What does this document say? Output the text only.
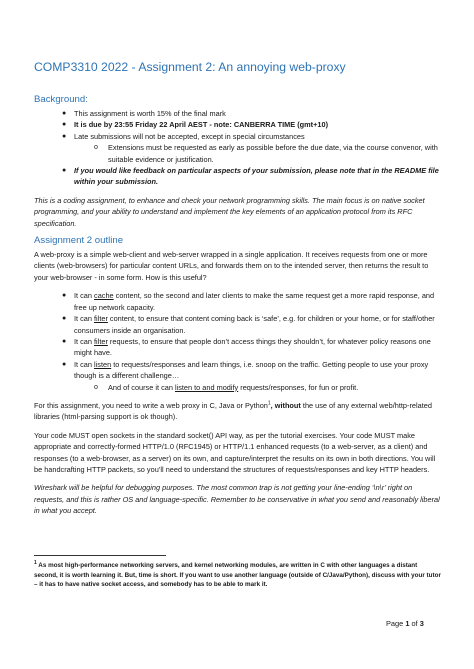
COMP3310 2022 - Assignment 2: An annoying web-proxy
Background:
● This assignment is worth 15% of the final mark
● It is due by 23:55 Friday 22 April AEST - note: CANBERRA TIME (gmt+10)
● Late submissions will not be accepted, except in special circumstances
o Extensions must be requested as early as possible before the due date, via the course convenor, with suitable evidence or justification.
● If you would like feedback on particular aspects of your submission, please note that in the README file within your submission.

This is a coding assignment, to enhance and check your network programming skills. The main focus is on native socket programming, and your ability to understand and implement the key elements of an application protocol from its RFC specification.

Assignment 2 outline

A web-proxy is a simple web-client and web-server wrapped in a single application. It receives requests from one or more clients (web-browsers) for particular content URLs, and forwards them on to the intended server, then returns the result to your web-browser - in some form. How is this useful?

● It can cache content, so the second and later clients to make the same request get a more rapid response, and free up network capacity.
● It can filter content, to ensure that content coming back is ‘safe’, e.g. for children or your home, or for staff/other consumers inside an organisation.
● It can filter requests, to ensure that people don’t access things they shouldn’t, for whatever policy reasons one might have.
● It can listen to requests/responses and learn things, i.e. snoop on the traffic. Getting people to use your proxy though is a different challenge…
o And of course it can listen to and modify requests/responses, for fun or profit.

For this assignment, you need to write a web proxy in C, Java or Python$^1$, without the use of any external web/http-related libraries (html-parsing support is ok though).

Your code MUST open sockets in the standard socket() API way, as per the tutorial exercises. Your code MUST make appropriate and correctly-formed HTTP/1.0 (RFC1945) or HTTP/1.1 enhanced requests (to a web-server, as a client) and responses (to a web-browser, as a server) on its own, and capture/interpret the results on its own in both directions. You will be handcrafting HTTP packets, so you’ll need to understand the structures of requests/responses and key HTTP headers.

Wireshark will be helpful for debugging purposes. The most common trap is not getting your line-ending ‘\n\r’ right on requests, and this is rather OS and language-specific. Remember to be conservative in what you send and reasonably liberal in what you accept.

$^1$ As most high-performance networking servers, and kernel networking modules, are written in C with other languages a distant second, it is worth learning it. But, time is short. If you want to use another language (outside of C/Java/Python), discuss with your tutor – it has to have native socket access, and somebody has to be able to mark it.
Page 1 of 3
